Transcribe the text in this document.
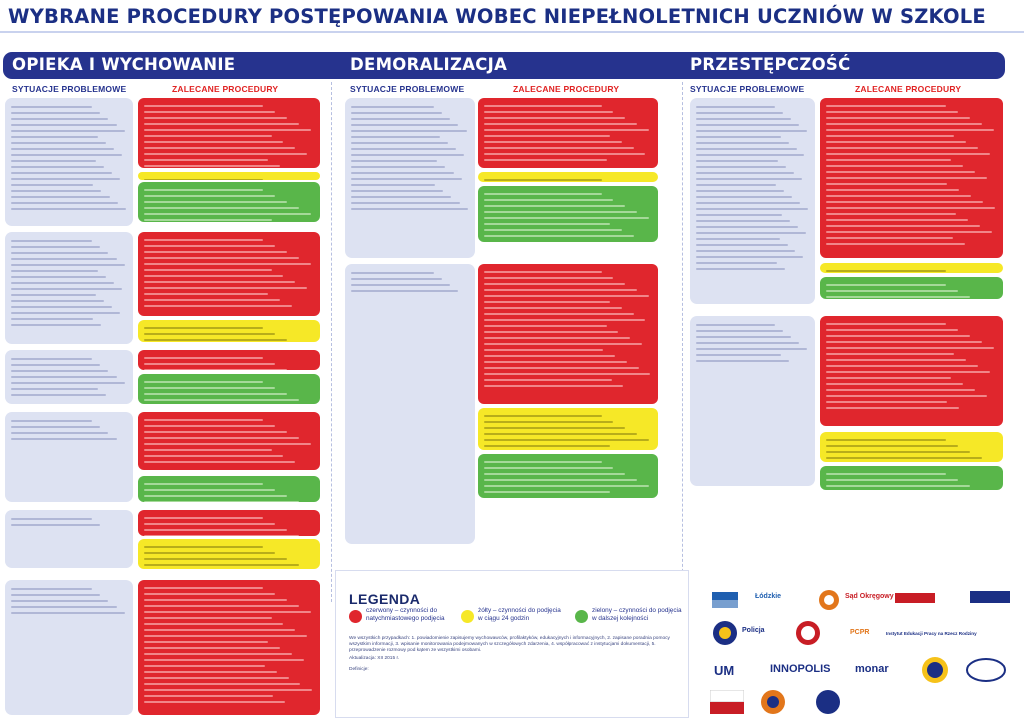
WYBRANE PROCEDURY POSTĘPOWANIA WOBEC NIEPEŁNOLETNICH UCZNIÓW W SZKOLE
OPIEKA I WYCHOWANIE	DEMORALIZACJA	PRZESTĘPCZOŚĆ
SYTUACJE PROBLEMOWE	ZALECANE PROCEDURY	SYTUACJE PROBLEMOWE	ZALECANE PROCEDURY	SYTUACJE PROBLEMOWE	ZALECANE PROCEDURY
LEGENDA
czerwony – czynności do natychmiastowego podjęcia
żółty – czynności do podjęcia w ciągu 24 godzin
zielony – czynności do podjęcia w dalszej kolejności
We wszystkich przypadkach: 1. powiadomienie zapisujemy wychowawców, profilaktyków, edukacyjnych i informacyjnych, 2. zapisane poradnia pomocy wszystkim informacji, 3. wpisanie monitorowania podejmowanych w szczegółowych zdarzenia, 4. współpracować z instytucjami dokumentacji, 5. przeprowadzenie rozmowy pod kątem ze wszystkimi osobami.
Aktualizacja: XII 2015 r.
Definicje:
Łódzkie	Sąd Okręgowy
Policja	PCPR	Instytut Edukacji Pracy na Rzecz Rodziny
UM	INNOPOLIS monar
